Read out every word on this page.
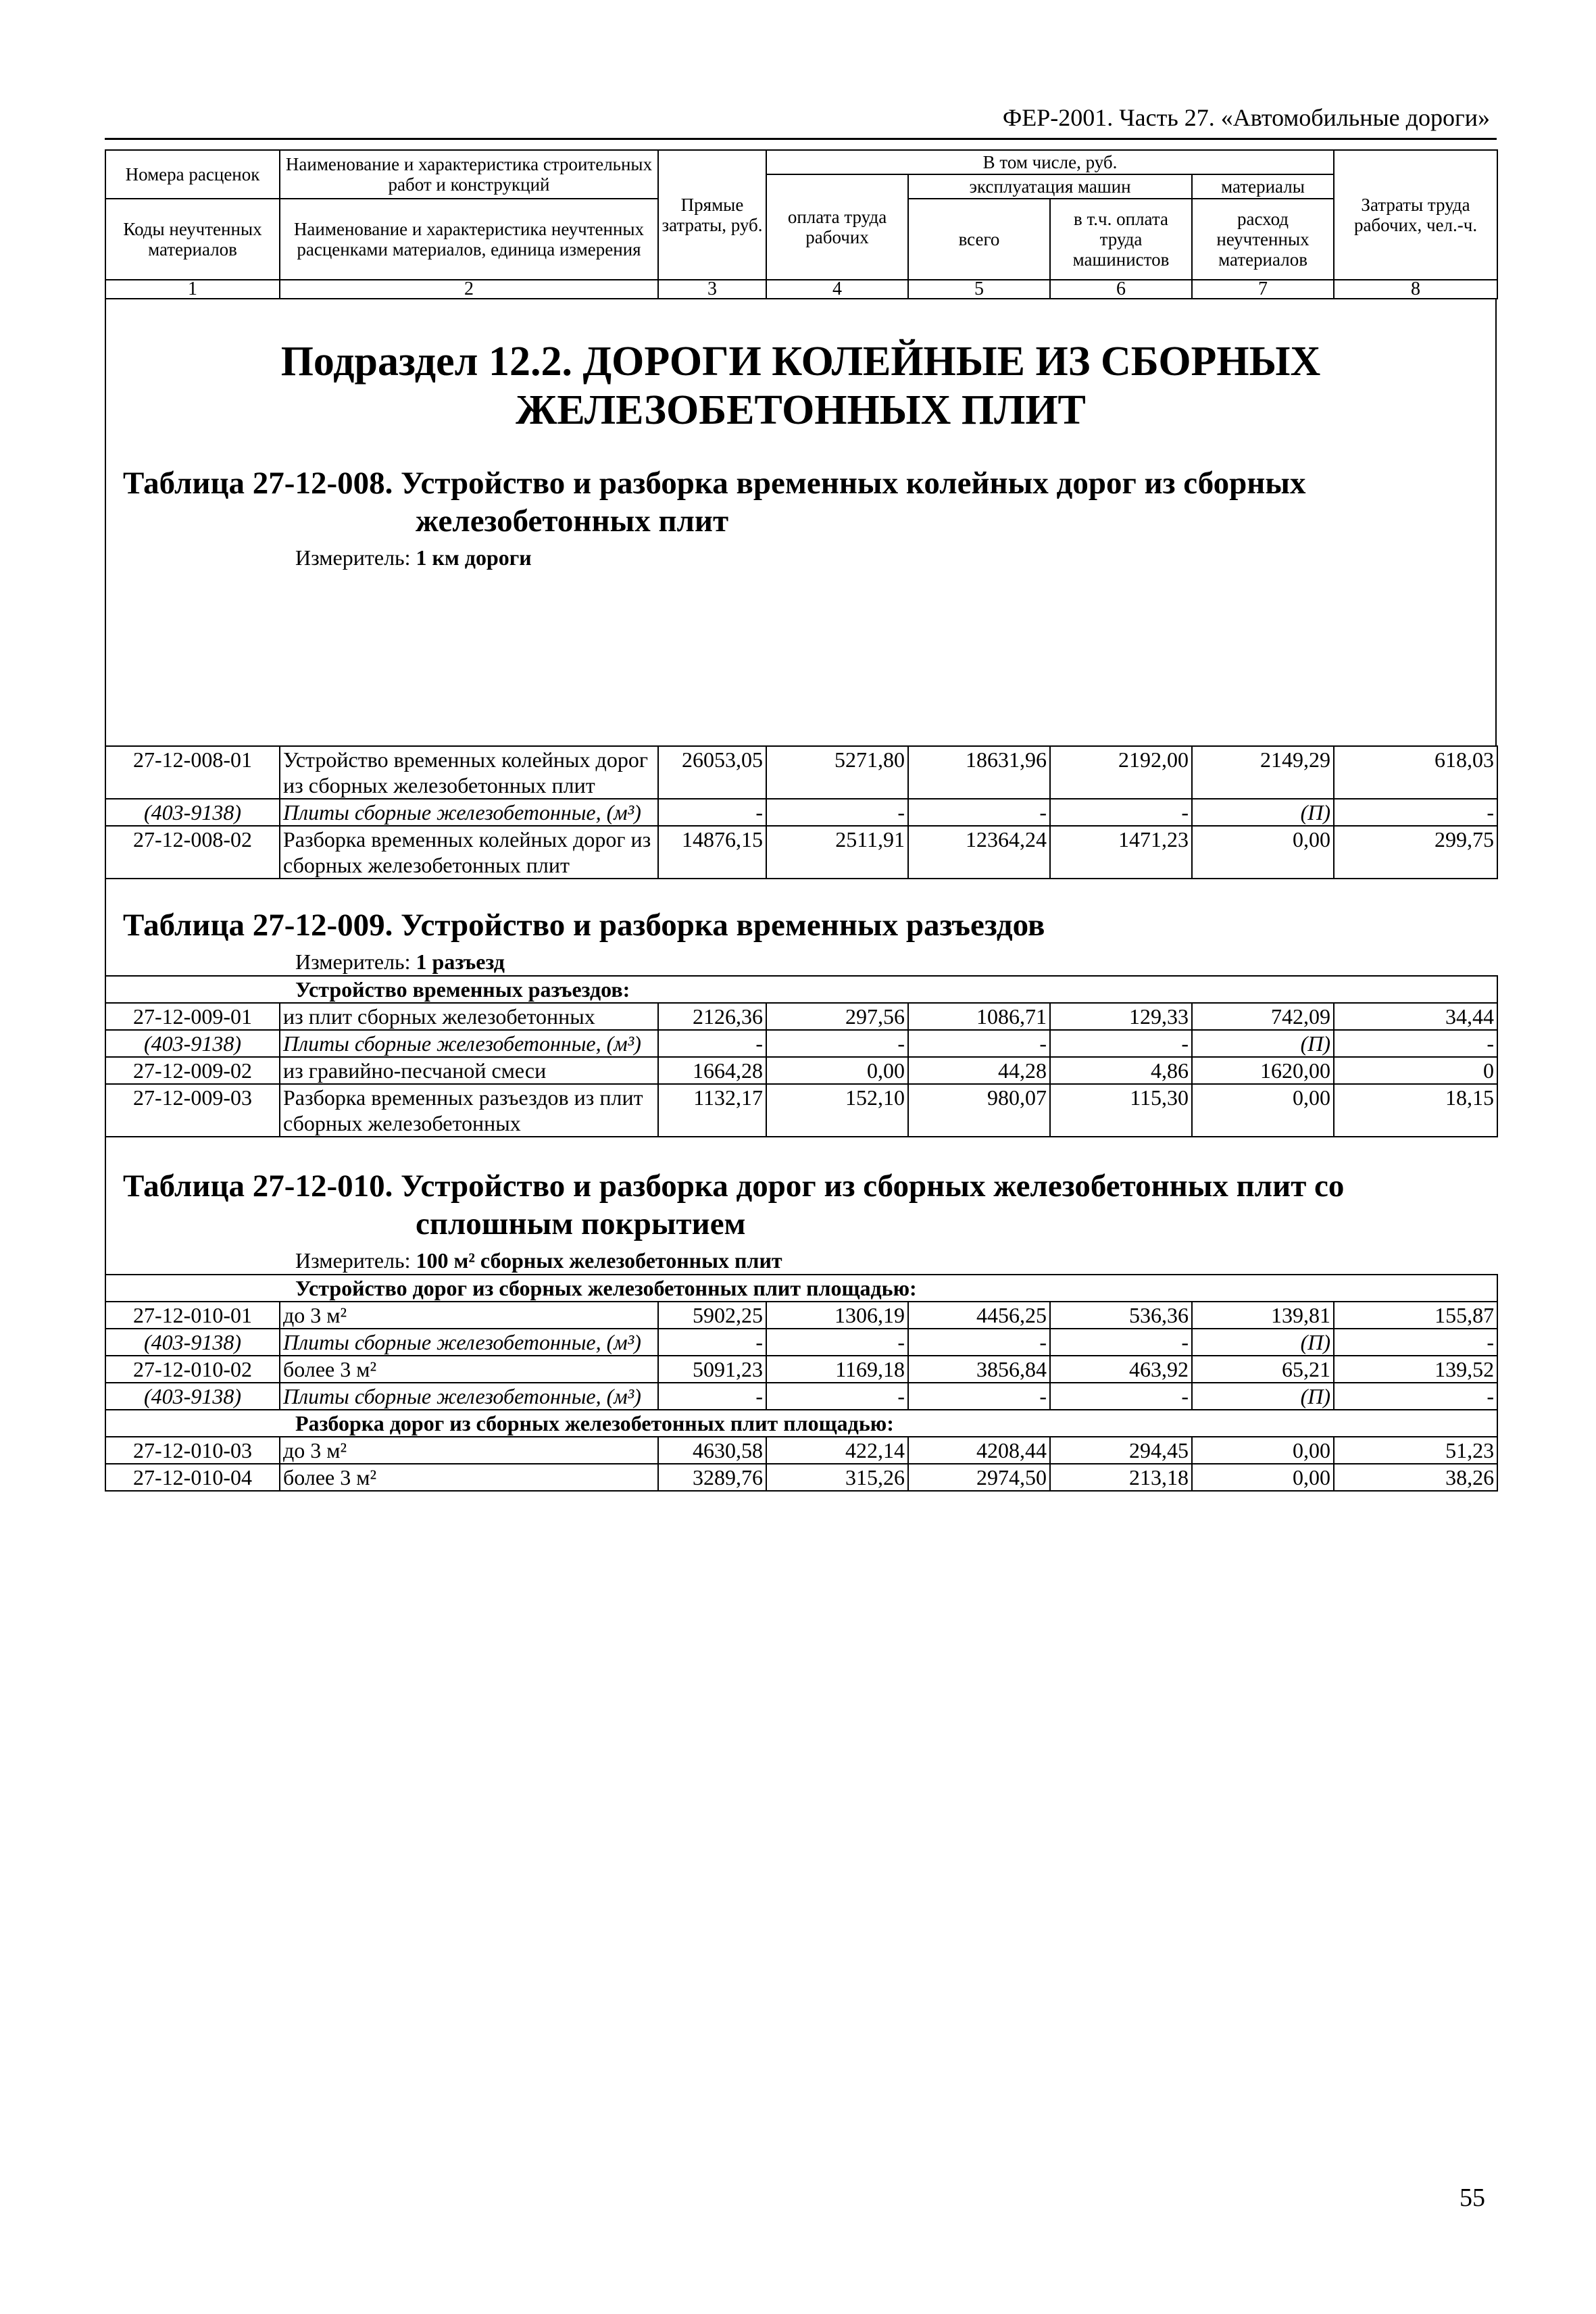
ФЕР-2001. Часть 27. «Автомобильные дороги»
Номера расценок	Наименование и характеристика строительных работ и конструкций	Прямые затраты, руб.	В том числе, руб.				Затраты труда рабочих, чел.-ч.
			оплата труда рабочих	эксплуатация машин		материалы	
Коды неучтенных материалов	Наименование и характеристика неучтенных расценками материалов, единица измерения			всего	в т.ч. оплата труда машинистов	расход неучтенных материалов	

1	2	3	4	5	6	7	8
Подраздел 12.2. ДОРОГИ КОЛЕЙНЫЕ ИЗ СБОРНЫХ
ЖЕЛЕЗОБЕТОННЫХ ПЛИТ
Таблица 27-12-008. Устройство и разборка временных колейных дорог из сборных
железобетонных плит
Измеритель: 1 км дороги
27-12-008-01	Устройство временных колейных дорог из сборных железобетонных плит	26053,05	5271,80	18631,96	2192,00	2149,29	618,03
(403-9138)	Плиты сборные железобетонные, (м³)	-	-	-	-	(П)	-
27-12-008-02	Разборка временных колейных дорог из сборных железобетонных плит	14876,15	2511,91	12364,24	1471,23	0,00	299,75
Таблица 27-12-009. Устройство и разборка временных разъездов
Измеритель: 1 разъезд
Устройство временных разъездов:							
27-12-009-01	из плит сборных железобетонных	2126,36	297,56	1086,71	129,33	742,09	34,44
(403-9138)	Плиты сборные железобетонные, (м³)	-	-	-	-	(П)	-
27-12-009-02	из гравийно-песчаной смеси	1664,28	0,00	44,28	4,86	1620,00	0
27-12-009-03	Разборка временных разъездов из плит сборных железобетонных	1132,17	152,10	980,07	115,30	0,00	18,15
Таблица 27-12-010. Устройство и разборка дорог из сборных железобетонных плит со
сплошным покрытием
Измеритель: 100 м² сборных железобетонных плит
Устройство дорог из сборных железобетонных плит площадью:							
27-12-010-01	до 3 м²	5902,25	1306,19	4456,25	536,36	139,81	155,87
(403-9138)	Плиты сборные железобетонные, (м³)	-	-	-	-	(П)	-
27-12-010-02	более 3 м²	5091,23	1169,18	3856,84	463,92	65,21	139,52
(403-9138)	Плиты сборные железобетонные, (м³)	-	-	-	-	(П)	-
Разборка дорог из сборных железобетонных плит площадью:							
27-12-010-03	до 3 м²	4630,58	422,14	4208,44	294,45	0,00	51,23
27-12-010-04	более 3 м²	3289,76	315,26	2974,50	213,18	0,00	38,26
55
